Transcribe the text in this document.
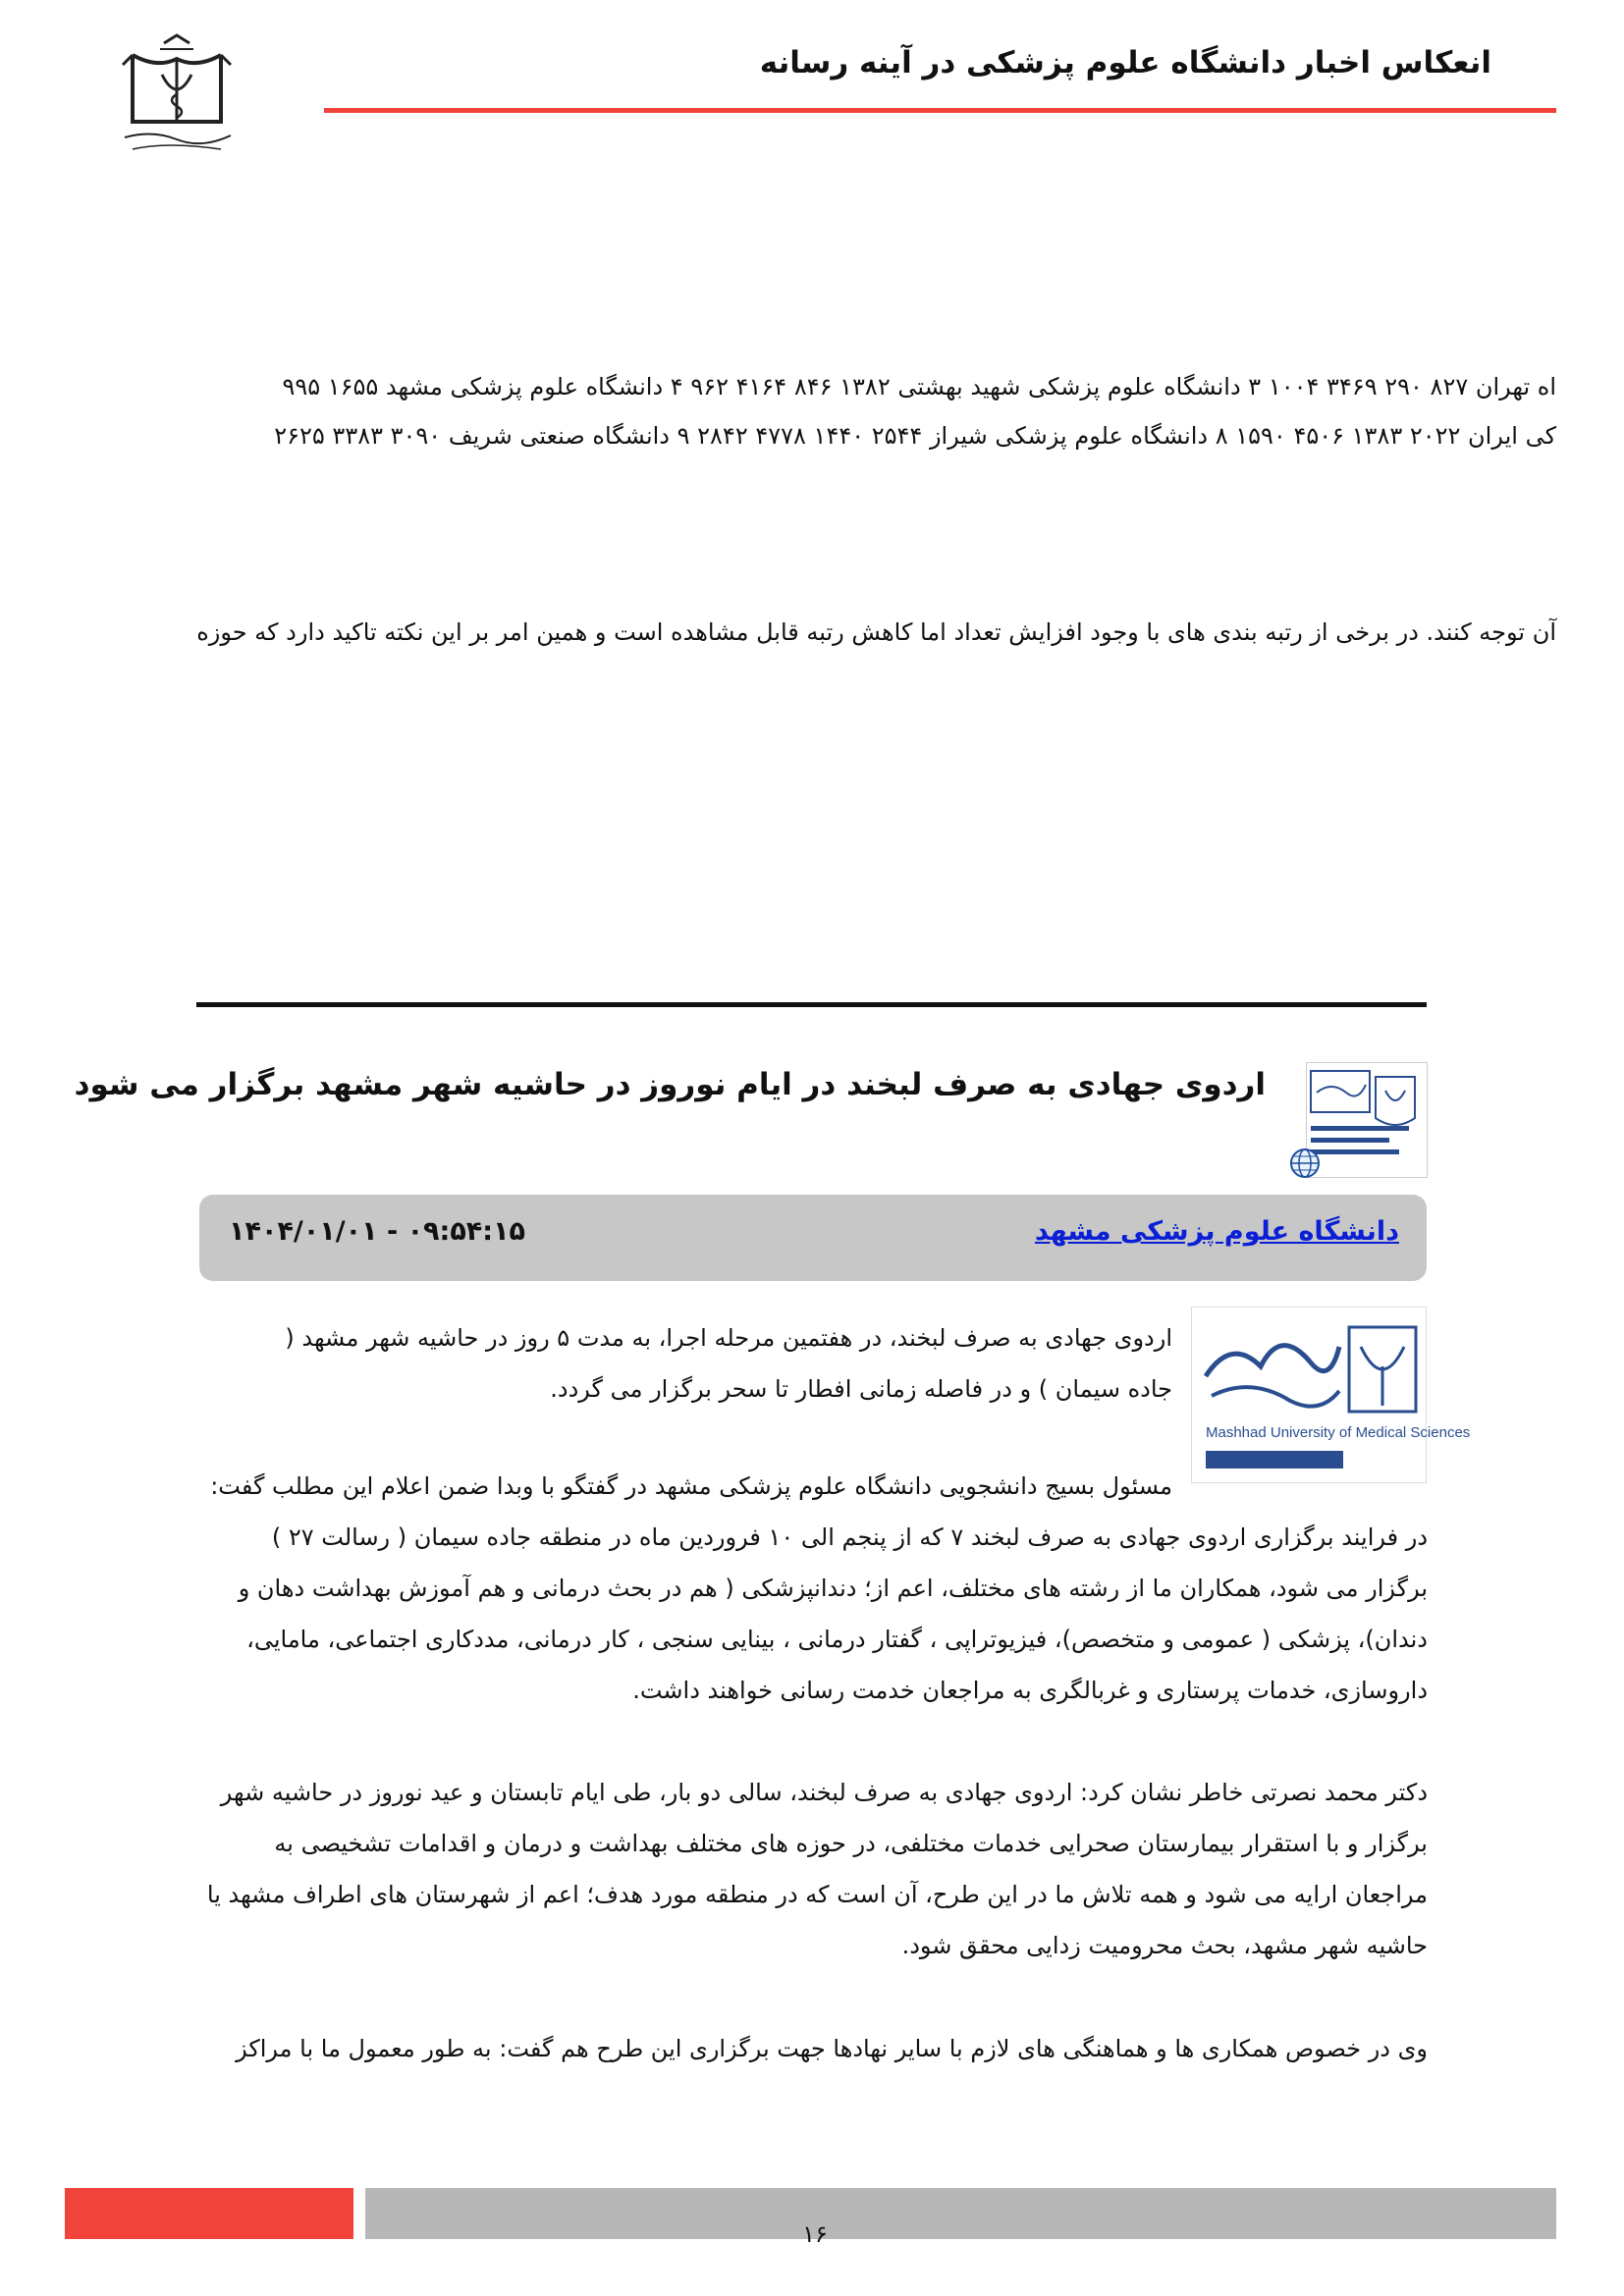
انعکاس اخبار دانشگاه علوم پزشکی در آینه رسانه
اه تهران ۸۲۷ ۲۹۰ ۳۴۶۹ ۱۰۰۴ ۳ دانشگاه علوم پزشکی شهید بهشتی ۱۳۸۲ ۸۴۶ ۴۱۶۴ ۹۶۲ ۴ دانشگاه علوم پزشکی مشهد ۱۶۵۵ ۹۹۵
کی ایران ۲۰۲۲ ۱۳۸۳ ۴۵۰۶ ۱۵۹۰ ۸ دانشگاه علوم پزشکی شیراز ۲۵۴۴ ۱۴۴۰ ۴۷۷۸ ۲۸۴۲ ۹ دانشگاه صنعتی شریف ۳۰۹۰ ۳۳۸۳ ۲۶۲۵
آن توجه کنند. در برخی از رتبه بندی های با وجود افزایش تعداد اما کاهش رتبه قابل مشاهده است و همین امر بر این نکته تاکید دارد که حوزه
اردوی جهادی به صرف لبخند در ایام نوروز در حاشیه شهر مشهد برگزار می شود
دانشگاه علوم پزشکی مشهد
۱۴۰۴/۰۱/۰۱ - ۰۹:۵۴:۱۵
Mashhad University of Medical Sciences
اردوی جهادی به صرف لبخند، در هفتمین مرحله اجرا، به مدت ۵ روز در حاشیه شهر مشهد (
جاده سیمان ) و در فاصله زمانی افطار تا سحر برگزار می گردد.
مسئول بسیج دانشجویی دانشگاه علوم پزشکی مشهد در گفتگو با وبدا ضمن اعلام این مطلب گفت:
در فرایند برگزاری اردوی جهادی به صرف لبخند ۷ که از پنجم الی ۱۰ فروردین ماه در منطقه جاده سیمان ( رسالت ۲۷ )
برگزار می شود، همکاران ما از رشته های مختلف، اعم از؛ دندانپزشکی ( هم در بحث درمانی و هم آموزش بهداشت دهان و
دندان)، پزشکی ( عمومی و متخصص)، فیزیوتراپی ، گفتار درمانی ، بینایی سنجی ، کار درمانی، مددکاری اجتماعی، مامایی،
داروسازی، خدمات پرستاری و غربالگری به مراجعان خدمت رسانی خواهند داشت.
دکتر محمد نصرتی خاطر نشان کرد: اردوی جهادی به صرف لبخند، سالی دو بار، طی ایام تابستان و عید نوروز در حاشیه شهر
برگزار و با استقرار بیمارستان صحرایی خدمات مختلفی، در حوزه های مختلف بهداشت و درمان و اقدامات تشخیصی به
مراجعان ارایه می شود و همه تلاش ما در این طرح، آن است که در منطقه مورد هدف؛ اعم از شهرستان های اطراف مشهد یا
حاشیه شهر مشهد، بحث محرومیت زدایی محقق شود.
وی در خصوص همکاری ها و هماهنگی های لازم با سایر نهادها جهت برگزاری این طرح هم گفت: به طور معمول ما با مراکز
۱۶
